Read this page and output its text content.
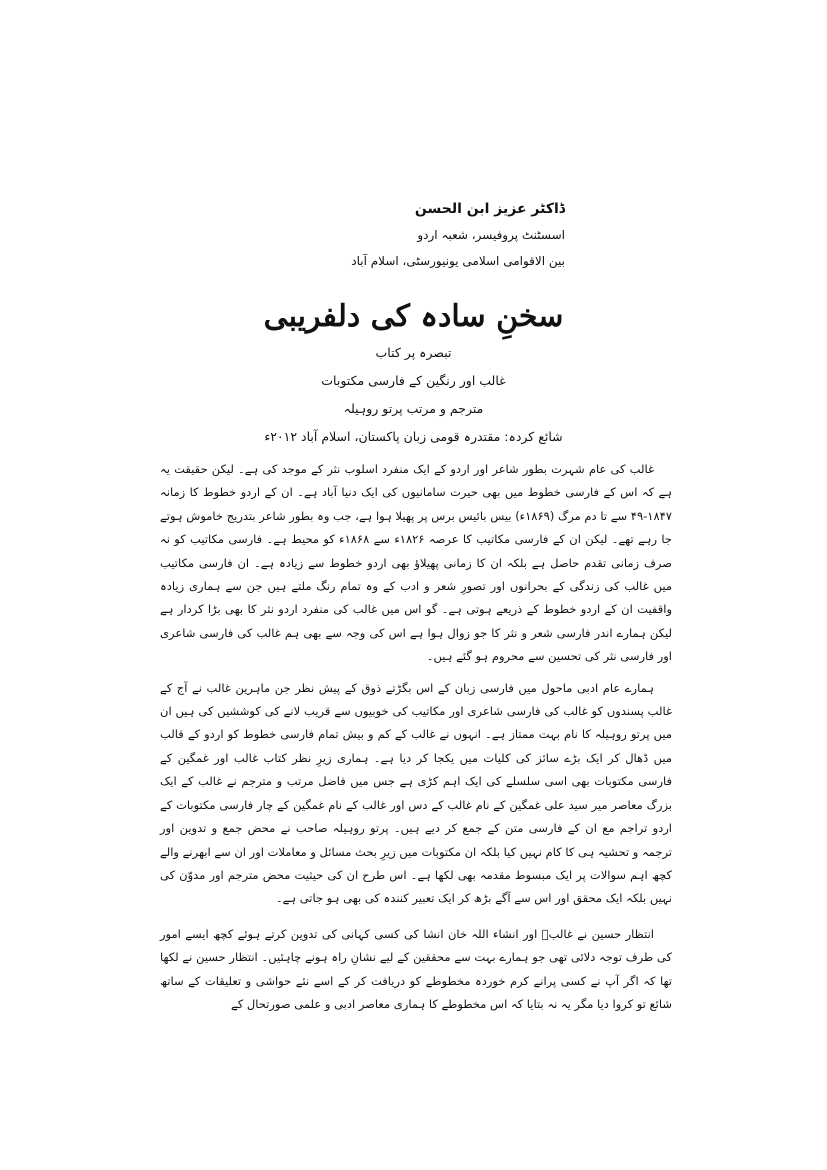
ڈاکٹر عزیز ابن الحسن
اسسٹنٹ پروفیسر، شعبہ اردو
بین الاقوامی اسلامی یونیورسٹی، اسلام آباد
سخنِ سادہ کی دلفریبی
تبصرہ پر کتاب
غالب اور رنگین کے فارسی مکتوبات
مترجم و مرتب پرتو روہیلہ
شائع کردہ: مقتدرہ قومی زبان پاکستان، اسلام آباد ۲۰۱۲ء

غالب کی عام شہرت بطور شاعر اور اردو کے ایک منفرد اسلوب نثر کے موجد کی ہے۔ لیکن حقیقت یہ ہے کہ اس کے فارسی خطوط میں بھی حیرت سامانیوں کی ایک دنیا آباد ہے۔ ان کے اردو خطوط کا زمانہ ۱۸۴۷-۴۹ سے تا دم مرگ (۱۸۶۹ء) بیس بائیس برس پر پھیلا ہوا ہے، جب وہ بطور شاعر بتدریج خاموش ہوتے جا رہے تھے۔ لیکن ان کے فارسی مکاتیب کا عرصہ ۱۸۲۶ء سے ۱۸۶۸ء کو محیط ہے۔ فارسی مکاتیب کو نہ صرف زمانی تقدم حاصل ہے بلکہ ان کا زمانی پھیلاؤ بھی اردو خطوط سے زیادہ ہے۔ ان فارسی مکاتیب میں غالب کی زندگی کے بحرانوں اور تصورِ شعر و ادب کے وہ تمام رنگ ملتے ہیں جن سے ہماری زیادہ واقفیت ان کے اردو خطوط کے ذریعے ہوتی ہے۔ گو اس میں غالب کی منفرد اردو نثر کا بھی بڑا کردار ہے لیکن ہمارے اندر فارسی شعر و نثر کا جو زوال ہوا ہے اس کی وجہ سے بھی ہم غالب کی فارسی شاعری اور فارسی نثر کی تحسین سے محروم ہو گئے ہیں۔

ہمارے عام ادبی ماحول میں فارسی زبان کے اس بگڑتے ذوق کے پیش نظر جن ماہرین غالب نے آج کے غالب پسندوں کو غالب کی فارسی شاعری اور مکاتیب کی خوبیوں سے قریب لانے کی کوششیں کی ہیں ان میں پرتو روہیلہ کا نام بہت ممتاز ہے۔ انہوں نے غالب کے کم و بیش تمام فارسی خطوط کو اردو کے قالب میں ڈھال کر ایک بڑے سائز کی کلیات میں یکجا کر دیا ہے۔ ہماری زیرِ نظر کتاب غالب اور غمگین کے فارسی مکتوبات بھی اسی سلسلے کی ایک اہم کڑی ہے جس میں فاضل مرتب و مترجم نے غالب کے ایک بزرگ معاصر میر سید علی غمگین کے نام غالب کے دس اور غالب کے نام غمگین کے چار فارسی مکتوبات کے اردو تراجم مع ان کے فارسی متن کے جمع کر دیے ہیں۔ پرتو روہیلہ صاحب نے محض جمع و تدوین اور ترجمہ و تحشیہ ہی کا کام نہیں کیا بلکہ ان مکتوبات میں زیرِ بحث مسائل و معاملات اور ان سے ابھرنے والے کچھ اہم سوالات پر ایک مبسوط مقدمہ بھی لکھا ہے۔ اس طرح ان کی حیثیت محض مترجم اور مدوّن کی نہیں بلکہ ایک محقق اور اس سے آگے بڑھ کر ایک تعبیر کنندہ کی بھی ہو جاتی ہے۔

انتظار حسین نے غالبؔ اور انشاء اللہ خان انشا کی کسی کہانی کی تدوین کرتے ہوئے کچھ ایسے امور کی طرف توجہ دلائی تھی جو ہمارے بہت سے محققین کے لیے نشانِ راہ ہونے چاہئیں۔ انتظار حسین نے لکھا تھا کہ اگر آپ نے کسی پرانے کرم خوردہ مخطوطے کو دریافت کر کے اسے نئے حواشی و تعلیقات کے ساتھ شائع تو کروا دیا مگر یہ نہ بتایا کہ اس مخطوطے کا ہماری معاصر ادبی و علمی صورتحال کے
